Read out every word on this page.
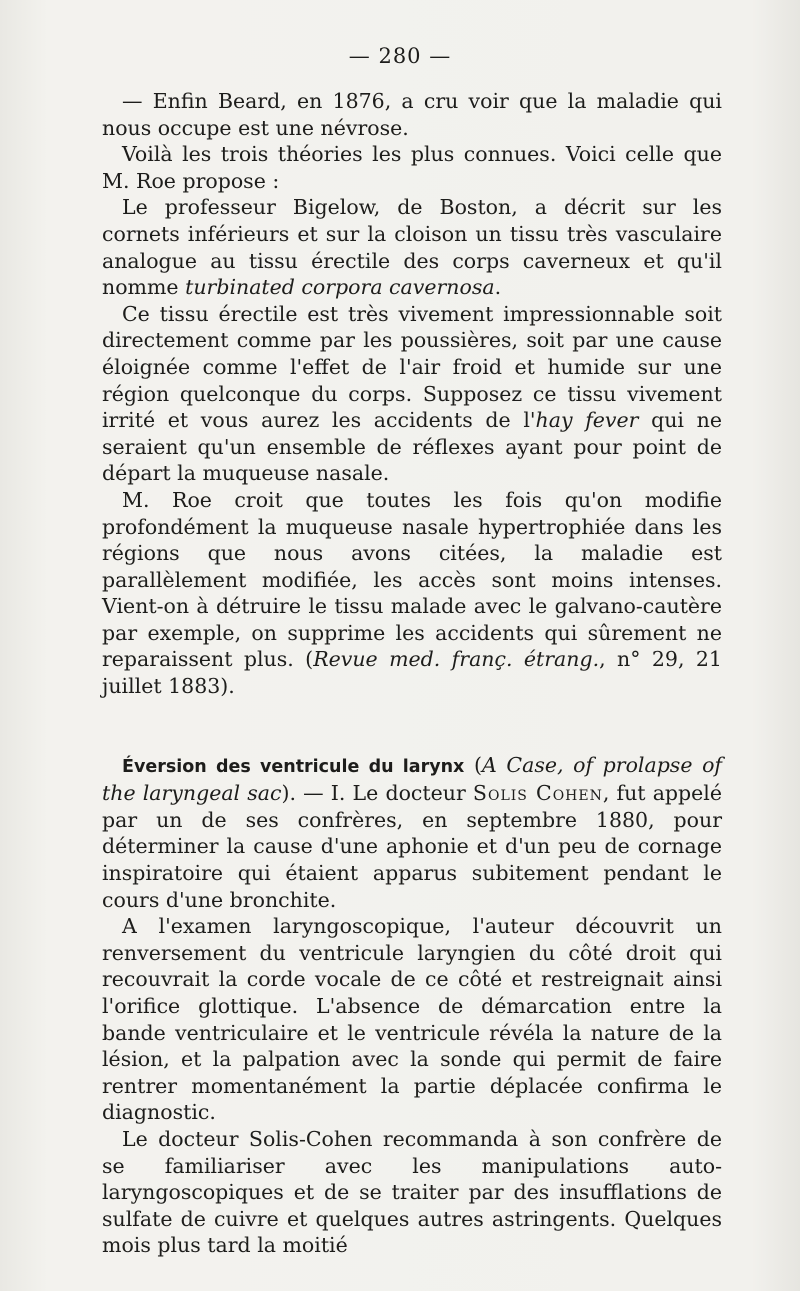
— 280 —

— Enfin Beard, en 1876, a cru voir que la maladie qui nous occupe est une névrose.

Voilà les trois théories les plus connues. Voici celle que M. Roe propose :

Le professeur Bigelow, de Boston, a décrit sur les cornets inférieurs et sur la cloison un tissu très vasculaire analogue au tissu érectile des corps caverneux et qu'il nomme turbinated corpora cavernosa.

Ce tissu érectile est très vivement impressionnable soit directement comme par les poussières, soit par une cause éloignée comme l'effet de l'air froid et humide sur une région quelconque du corps. Supposez ce tissu vivement irrité et vous aurez les accidents de l'hay fever qui ne seraient qu'un ensemble de réflexes ayant pour point de départ la muqueuse nasale.

M. Roe croit que toutes les fois qu'on modifie profondément la muqueuse nasale hypertrophiée dans les régions que nous avons citées, la maladie est parallèlement modifiée, les accès sont moins intenses. Vient-on à détruire le tissu malade avec le galvano-cautère par exemple, on supprime les accidents qui sûrement ne reparaissent plus. (Revue med. franç. étrang., n° 29, 21 juillet 1883).

Éversion des ventricule du larynx (A Case, of prolapse of the laryngeal sac). — I. Le docteur Solis Cohen, fut appelé par un de ses confrères, en septembre 1880, pour déterminer la cause d'une aphonie et d'un peu de cornage inspiratoire qui étaient apparus subitement pendant le cours d'une bronchite.

A l'examen laryngoscopique, l'auteur découvrit un renversement du ventricule laryngien du côté droit qui recouvrait la corde vocale de ce côté et restreignait ainsi l'orifice glottique. L'absence de démarcation entre la bande ventriculaire et le ventricule révéla la nature de la lésion, et la palpation avec la sonde qui permit de faire rentrer momentanément la partie déplacée confirma le diagnostic.

Le docteur Solis-Cohen recommanda à son confrère de se familiariser avec les manipulations auto-laryngoscopiques et de se traiter par des insufflations de sulfate de cuivre et quelques autres astringents. Quelques mois plus tard la moitié
